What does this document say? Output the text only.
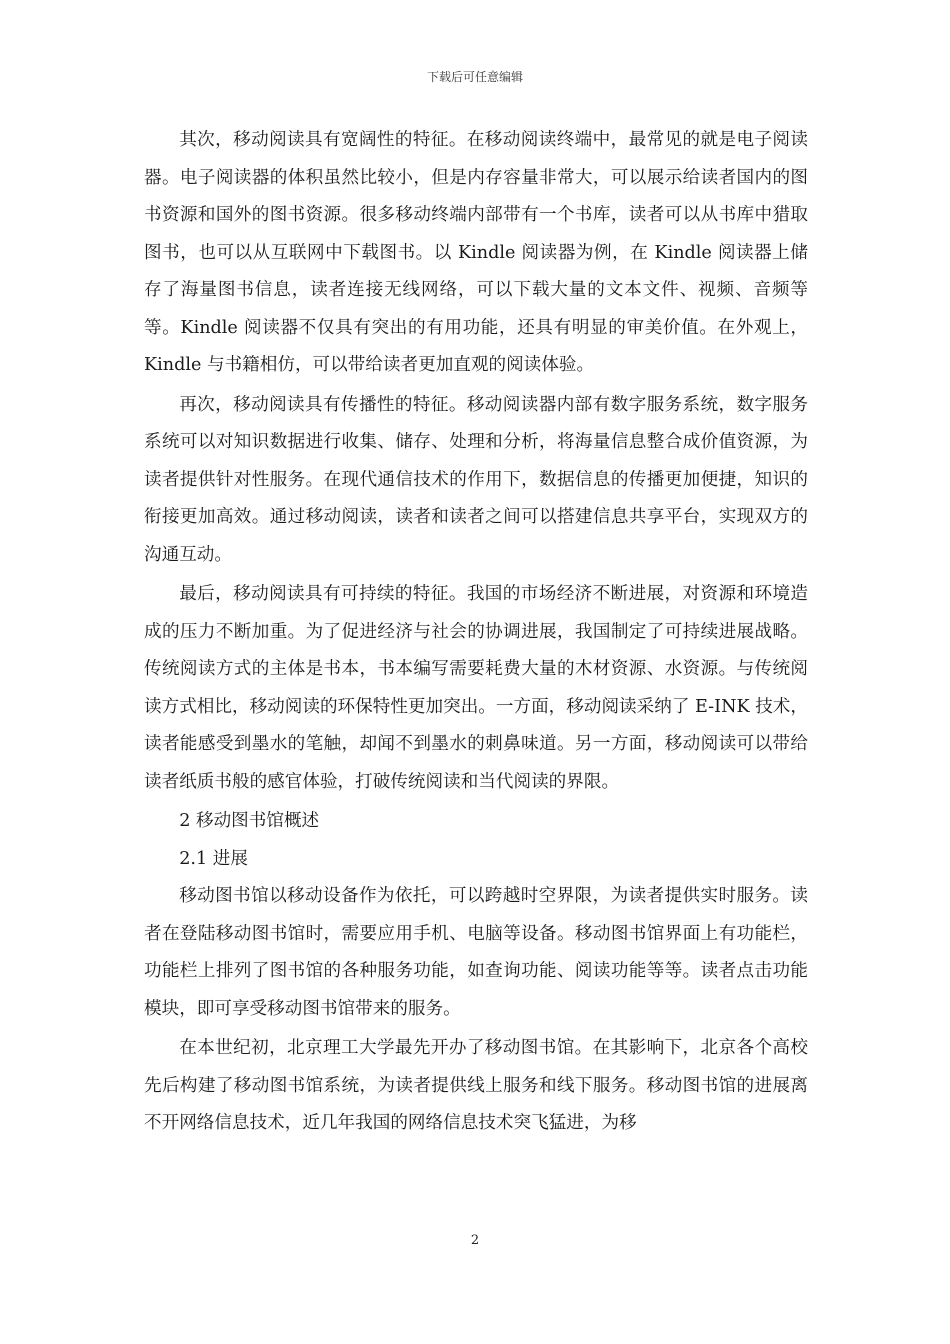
下载后可任意编辑

其次，移动阅读具有宽阔性的特征。在移动阅读终端中，最常见的就是电子阅读器。电子阅读器的体积虽然比较小，但是内存容量非常大，可以展示给读者国内的图书资源和国外的图书资源。很多移动终端内部带有一个书库，读者可以从书库中猎取图书，也可以从互联网中下载图书。以 Kindle 阅读器为例，在 Kindle 阅读器上储存了海量图书信息，读者连接无线网络，可以下载大量的文本文件、视频、音频等等。Kindle 阅读器不仅具有突出的有用功能，还具有明显的审美价值。在外观上，Kindle 与书籍相仿，可以带给读者更加直观的阅读体验。

再次，移动阅读具有传播性的特征。移动阅读器内部有数字服务系统，数字服务系统可以对知识数据进行收集、储存、处理和分析，将海量信息整合成价值资源，为读者提供针对性服务。在现代通信技术的作用下，数据信息的传播更加便捷，知识的衔接更加高效。通过移动阅读，读者和读者之间可以搭建信息共享平台，实现双方的沟通互动。

最后，移动阅读具有可持续的特征。我国的市场经济不断进展，对资源和环境造成的压力不断加重。为了促进经济与社会的协调进展，我国制定了可持续进展战略。传统阅读方式的主体是书本，书本编写需要耗费大量的木材资源、水资源。与传统阅读方式相比，移动阅读的环保特性更加突出。一方面，移动阅读采纳了 E-INK 技术，读者能感受到墨水的笔触，却闻不到墨水的刺鼻味道。另一方面，移动阅读可以带给读者纸质书般的感官体验，打破传统阅读和当代阅读的界限。

2 移动图书馆概述

2.1 进展

移动图书馆以移动设备作为依托，可以跨越时空界限，为读者提供实时服务。读者在登陆移动图书馆时，需要应用手机、电脑等设备。移动图书馆界面上有功能栏，功能栏上排列了图书馆的各种服务功能，如查询功能、阅读功能等等。读者点击功能模块，即可享受移动图书馆带来的服务。

在本世纪初，北京理工大学最先开办了移动图书馆。在其影响下，北京各个高校先后构建了移动图书馆系统，为读者提供线上服务和线下服务。移动图书馆的进展离不开网络信息技术，近几年我国的网络信息技术突飞猛进，为移

2
